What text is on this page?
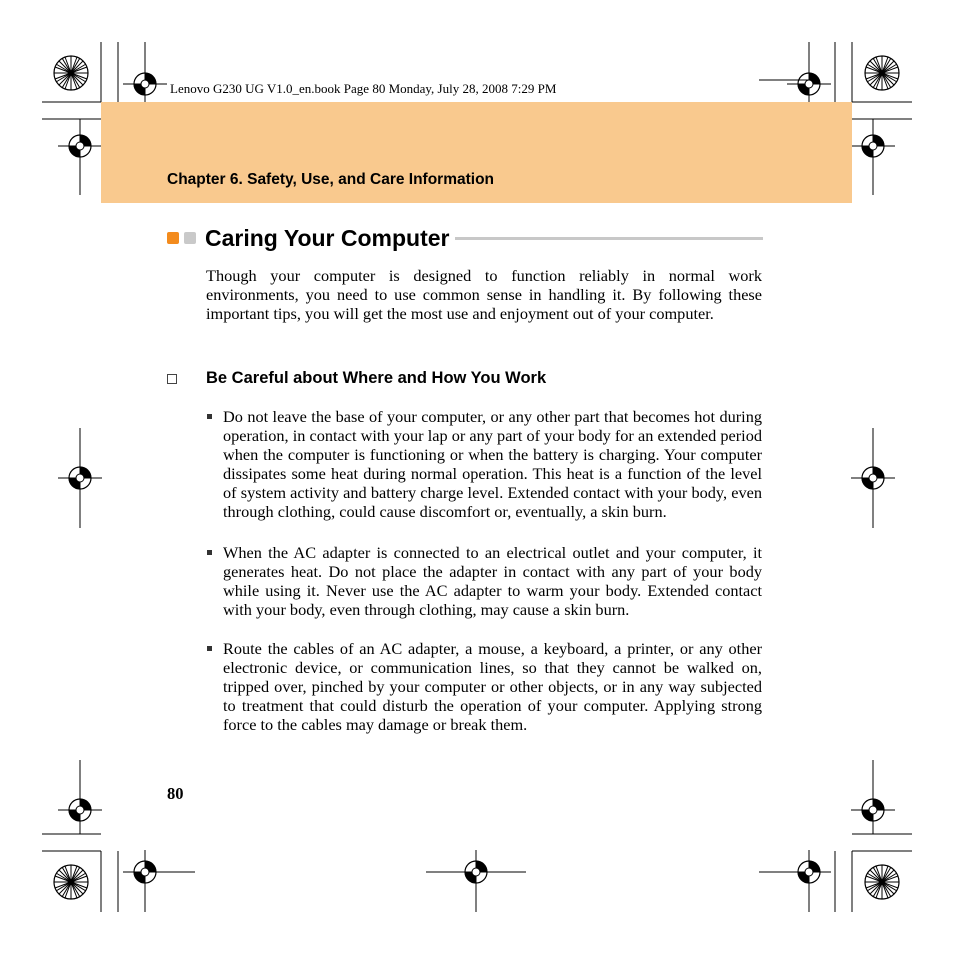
Lenovo G230 UG V1.0_en.book Page 80 Monday, July 28, 2008 7:29 PM
Chapter 6. Safety, Use, and Care Information
Caring Your Computer
Though your computer is designed to function reliably in normal work environments, you need to use common sense in handling it. By following these important tips, you will get the most use and enjoyment out of your computer.
Be Careful about Where and How You Work
Do not leave the base of your computer, or any other part that becomes hot during operation, in contact with your lap or any part of your body for an extended period when the computer is functioning or when the battery is charging. Your computer dissipates some heat during normal operation. This heat is a function of the level of system activity and battery charge level. Extended contact with your body, even through clothing, could cause discomfort or, eventually, a skin burn.
When the AC adapter is connected to an electrical outlet and your computer, it generates heat. Do not place the adapter in contact with any part of your body while using it. Never use the AC adapter to warm your body. Extended contact with your body, even through clothing, may cause a skin burn.
Route the cables of an AC adapter, a mouse, a keyboard, a printer, or any other electronic device, or communication lines, so that they cannot be walked on, tripped over, pinched by your computer or other objects, or in any way subjected to treatment that could disturb the operation of your computer. Applying strong force to the cables may damage or break them.
80
